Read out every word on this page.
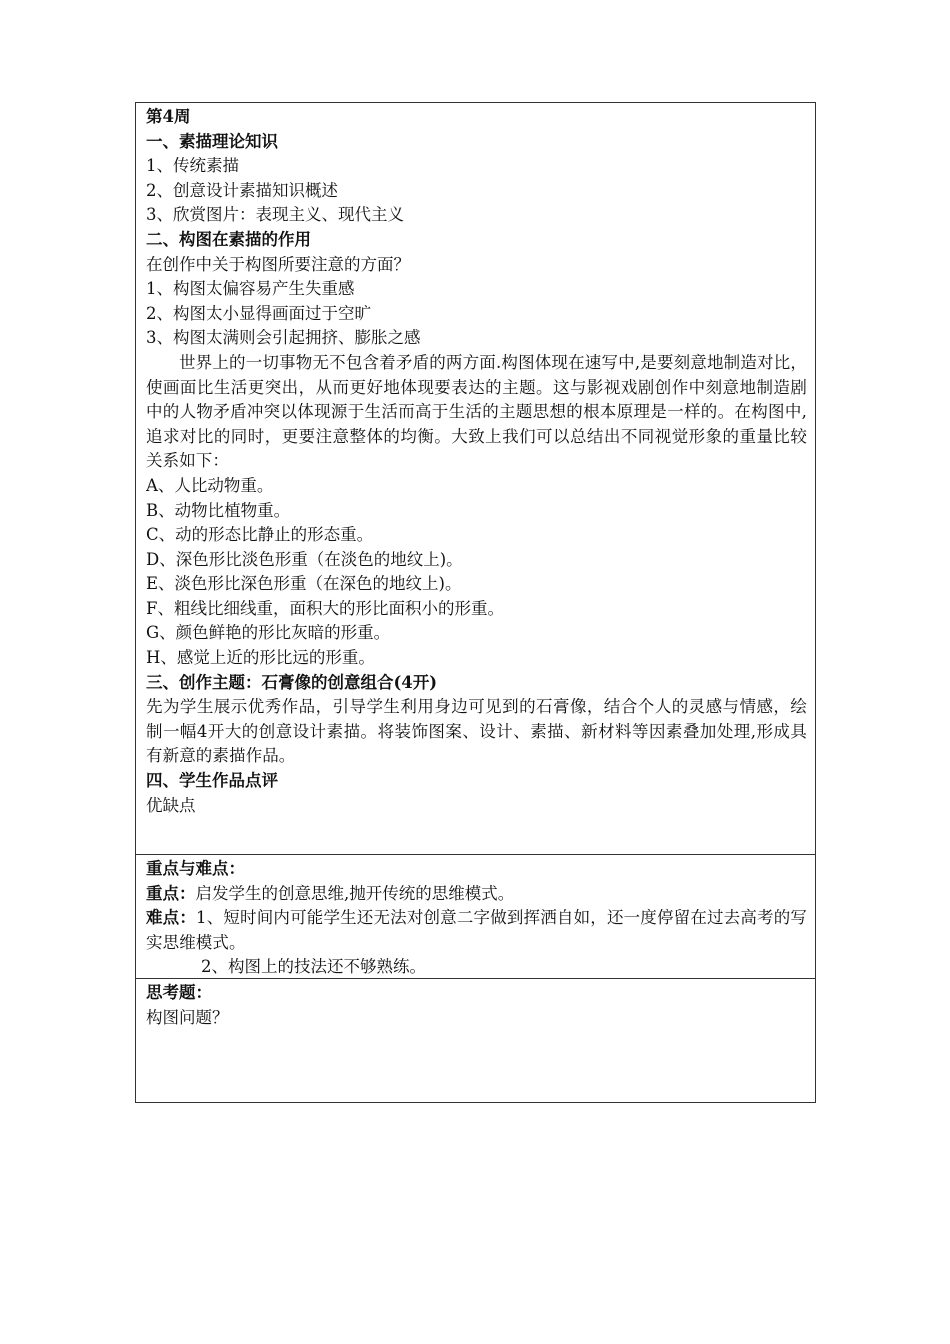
第4周
一、素描理论知识
1、传统素描
2、创意设计素描知识概述
3、欣赏图片：表现主义、现代主义
二、构图在素描的作用
在创作中关于构图所要注意的方面？
1、构图太偏容易产生失重感
2、构图太小显得画面过于空旷
3、构图太满则会引起拥挤、膨胀之感
世界上的一切事物无不包含着矛盾的两方面.构图体现在速写中,是要刻意地制造对比，使画面比生活更突出，从而更好地体现要表达的主题。这与影视戏剧创作中刻意地制造剧中的人物矛盾冲突以体现源于生活而高于生活的主题思想的根本原理是一样的。在构图中,追求对比的同时，更要注意整体的均衡。大致上我们可以总结出不同视觉形象的重量比较关系如下：
A、人比动物重。
B、动物比植物重。
C、动的形态比静止的形态重。
D、深色形比淡色形重（在淡色的地纹上)。
E、淡色形比深色形重（在深色的地纹上)。
F、粗线比细线重，面积大的形比面积小的形重。
G、颜色鲜艳的形比灰暗的形重。
H、感觉上近的形比远的形重。
三、创作主题：石膏像的创意组合(4开)
先为学生展示优秀作品，引导学生利用身边可见到的石膏像，结合个人的灵感与情感，绘制一幅4开大的创意设计素描。将装饰图案、设计、素描、新材料等因素叠加处理,形成具有新意的素描作品。
四、学生作品点评
优缺点
重点与难点：
重点：启发学生的创意思维,抛开传统的思维模式。
难点：1、短时间内可能学生还无法对创意二字做到挥洒自如，还一度停留在过去高考的写实思维模式。
2、构图上的技法还不够熟练。
思考题：
构图问题？
